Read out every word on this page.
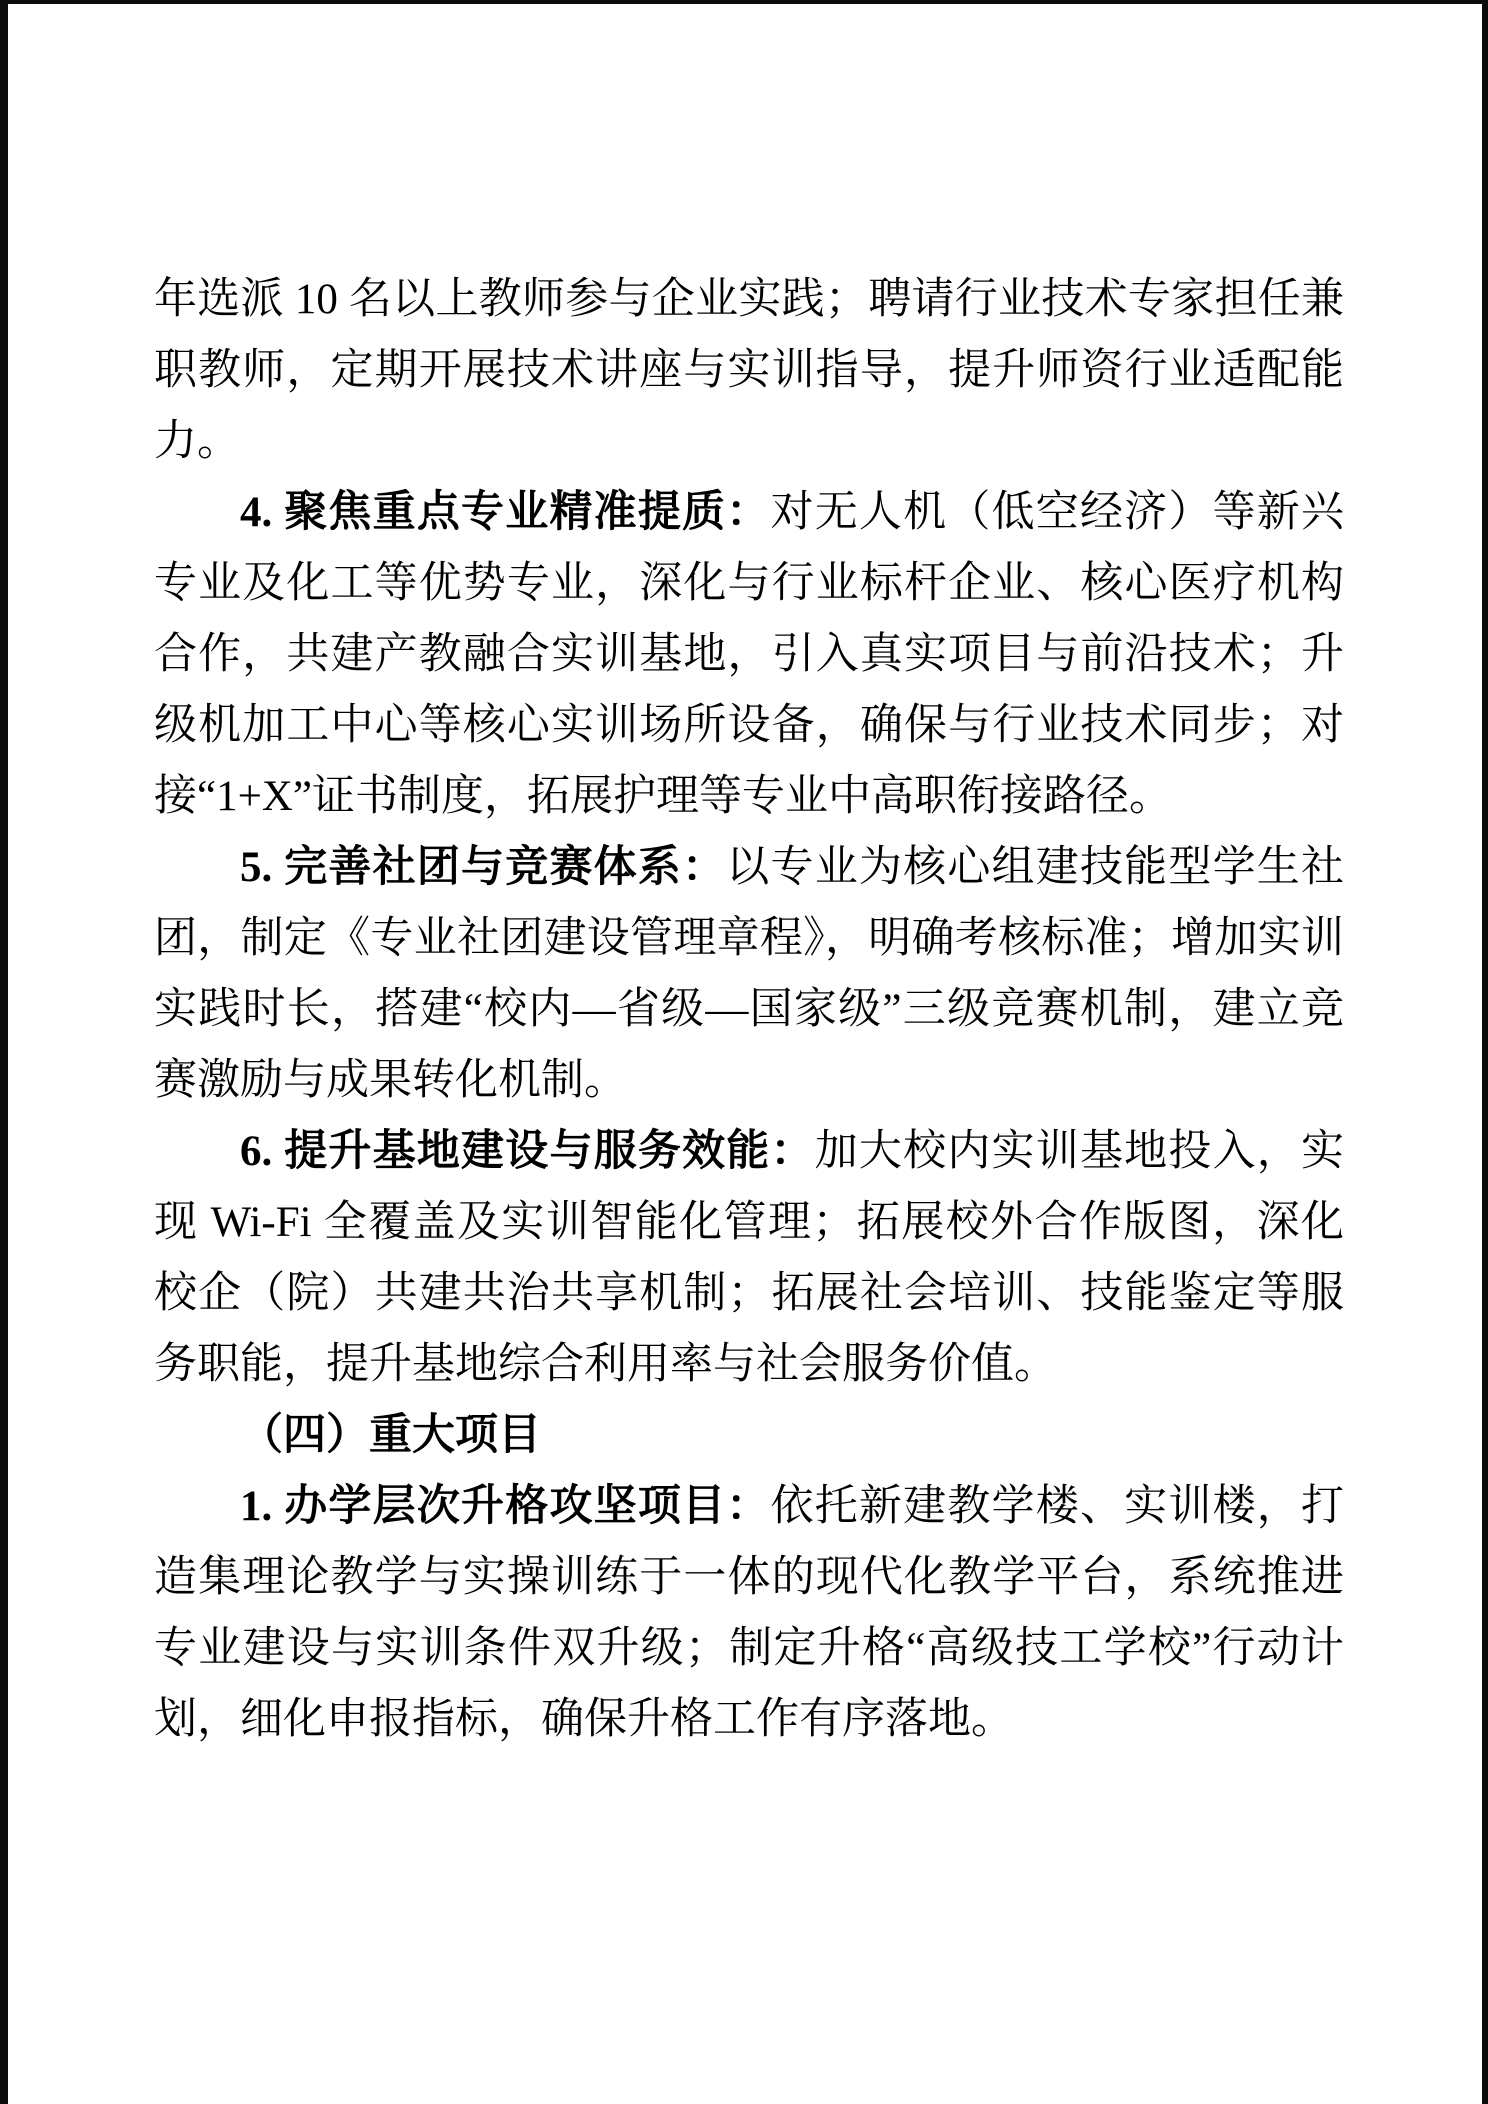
年选派 10 名以上教师参与企业实践；聘请行业技术专家担任兼职教师，定期开展技术讲座与实训指导，提升师资行业适配能力。

4. 聚焦重点专业精准提质：对无人机（低空经济）等新兴专业及化工等优势专业，深化与行业标杆企业、核心医疗机构合作，共建产教融合实训基地，引入真实项目与前沿技术；升级机加工中心等核心实训场所设备，确保与行业技术同步；对接“1+X”证书制度，拓展护理等专业中高职衔接路径。

5. 完善社团与竞赛体系：以专业为核心组建技能型学生社团，制定《专业社团建设管理章程》，明确考核标准；增加实训实践时长，搭建“校内—省级—国家级”三级竞赛机制，建立竞赛激励与成果转化机制。

6. 提升基地建设与服务效能：加大校内实训基地投入，实现 Wi-Fi 全覆盖及实训智能化管理；拓展校外合作版图，深化校企（院）共建共治共享机制；拓展社会培训、技能鉴定等服务职能，提升基地综合利用率与社会服务价值。

（四）重大项目

1. 办学层次升格攻坚项目：依托新建教学楼、实训楼，打造集理论教学与实操训练于一体的现代化教学平台，系统推进专业建设与实训条件双升级；制定升格“高级技工学校”行动计划，细化申报指标，确保升格工作有序落地。
